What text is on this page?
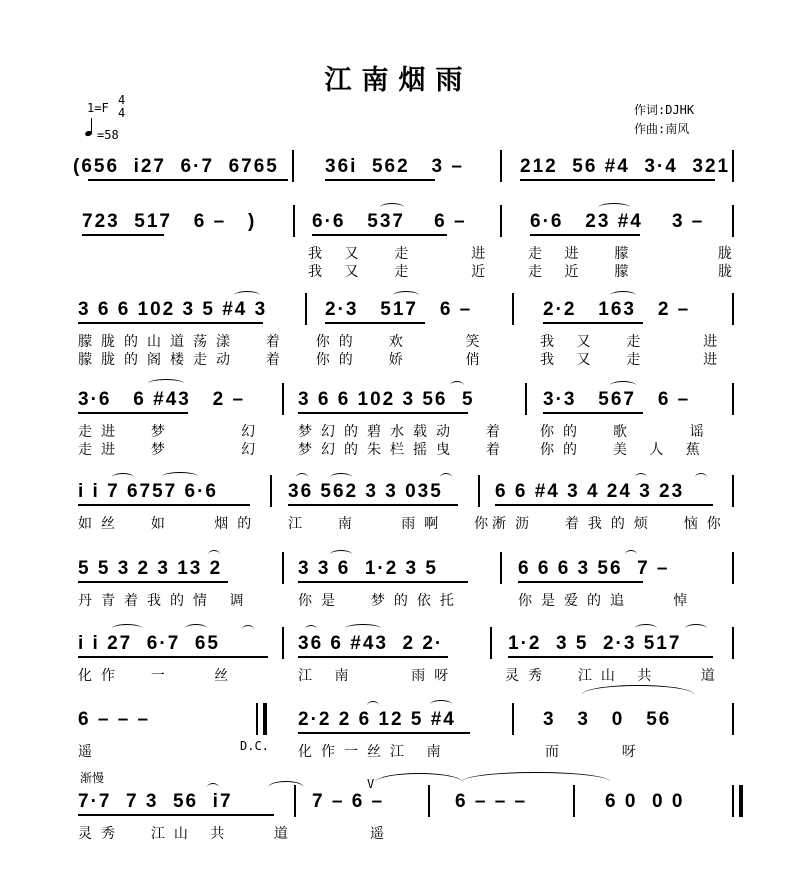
江南烟雨
1=F
4
4
=58
作词:DJHK
作曲:南风
(656  i27  6·7  6765 36i  562   3 –	212  56 #4  3·4  321
723  517   6 –   )	6·6   537    6 –	6·6   23 #4    3 –
我 又  走    进
我 又  走    近
走 进  朦      胧
走 近  朦      胧
3 6 6 102 3 5 #4 3	2·3   517   6 –	2·2   163   2 –
朦胧的山道荡漾  着  你的  欢    笑
朦胧的阁楼走动  着  你的  娇    俏
我 又  走    进
我 又  走    进
3·6   6 #43   2 –	3 6 6 102 3 56  5	3·3   567   6 –
走进  梦     幻
走进  梦     幻
梦幻的碧水载动  着
梦幻的朱栏摇曳  着
你的  歌    谣
你的  美 人 蕉
i i 7 6757 6·6	36 562 3 3 035	6 6 #4 3 4 24 3 23
如丝  如   烟的 江  南   雨啊  你
淅沥  着我的烦  恼你
5 5 3 2 3 13 2	3 3 6  1·2 3 5	6 6 6 3 56  7 –
丹青着我的情 调	你是  梦的依托	你是爱的追   悼
i i 27  6·7  65	36 6 #43  2 2·	1·2  3 5  2·3 517
化作  一   丝	江 南    雨呀	灵秀  江山 共   道
6 – – –
D.C.
2·2 2 6 12 5 #4	3   3   0   56
遥	化作一丝江 南	而    呀
渐慢
7·7  7 3  56  i7	7 – 6 –
V
6 – – –	6 0  0 0
灵秀  江山 共   道	遥
